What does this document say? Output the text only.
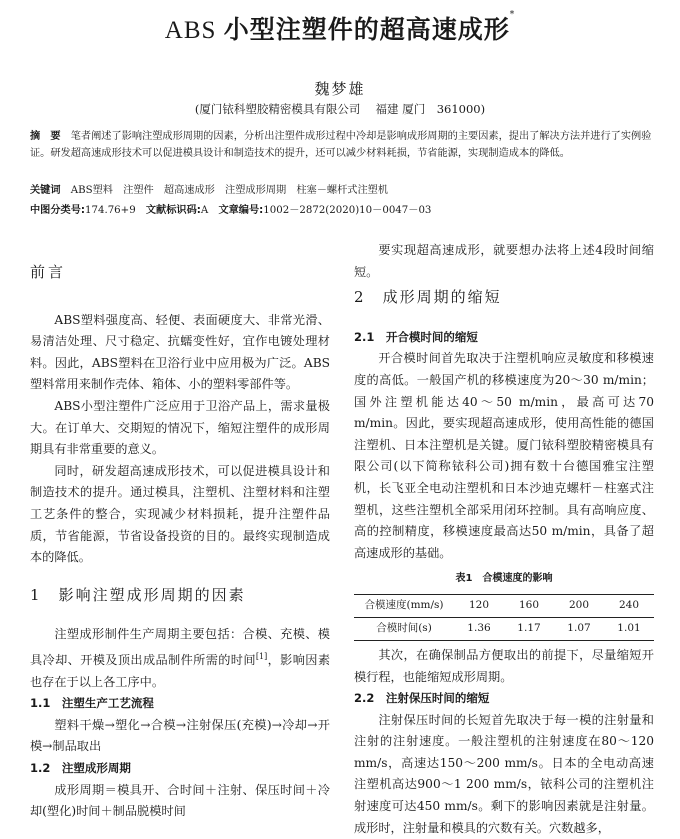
ABS 小型注塑件的超高速成形*
魏梦雄
(厦门铱科塑胶精密模具有限公司　 福建 厦门　361000)
摘　要　 笔者阐述了影响注塑成形周期的因素，分析出注塑件成形过程中冷却是影响成形周期的主要因素，提出了解决方法并进行了实例验证。研发超高速成形技术可以促进模具设计和制造技术的提升，还可以减少材料耗损，节省能源，实现制造成本的降低。
关键词　 ABS塑料　注塑件　超高速成形　注塑成形周期　柱塞－螺杆式注塑机
中图分类号:174.76+9　 文献标识码:A　 文章编号:1002－2872(2020)10－0047－03
前言

ABS塑料强度高、轻便、表面硬度大、非常光滑、易清洁处理、尺寸稳定、抗蠕变性好，宜作电镀处理材料。因此，ABS塑料在卫浴行业中应用极为广泛。ABS塑料常用来制作壳体、箱体、小的塑料零部件等。

ABS小型注塑件广泛应用于卫浴产品上，需求量极大。在订单大、交期短的情况下，缩短注塑件的成形周期具有非常重要的意义。

同时，研发超高速成形技术，可以促进模具设计和制造技术的提升。通过模具，注塑机、注塑材料和注塑工艺条件的整合，实现减少材料损耗，提升注塑件品质，节省能源，节省设备投资的目的。最终实现制造成本的降低。

1　 影响注塑成形周期的因素

注塑成形制件生产周期主要包括：合模、充模、模具冷却、开模及顶出成品制件所需的时间[1]，影响因素也存在于以上各工序中。

1.1　 注塑生产工艺流程

塑料干燥→塑化→合模→注射保压(充模)→冷却→开模→制品取出

1.2　 注塑成形周期

成形周期＝模具开、合时间＋注射、保压时间＋冷却(塑化)时间＋制品脱模时间

要实现超高速成形，就要想办法将上述4段时间缩短。

2　 成形周期的缩短
2.1　 开合模时间的缩短

开合模时间首先取决于注塑机响应灵敏度和移模速度的高低。一般国产机的移模速度为20～30 m/min；国外注塑机能达40～50 m/min，最高可达70 m/min。因此，要实现超高速成形，使用高性能的德国注塑机、日本注塑机是关键。厦门铱科塑胶精密模具有限公司(以下简称铱科公司)拥有数十台德国雅宝注塑机，长飞亚全电动注塑机和日本沙迪克螺杆－柱塞式注塑机，这些注塑机全部采用闭环控制。具有高响应度、高的控制精度，移模速度最高达50 m/min，具备了超高速成形的基础。

表1　合模速度的影响
合模速度(mm/s)	120	160	200	240
合模时间(s)	1.36	1.17	1.07	1.01

其次，在确保制品方便取出的前提下，尽量缩短开模行程，也能缩短成形周期。

2.2　 注射保压时间的缩短

注射保压时间的长短首先取决于每一模的注射量和注射的注射速度。一般注塑机的注射速度在80～120 mm/s，高速达150～200 mm/s。日本的全电动高速注塑机高达900～1 200 mm/s，铱科公司的注塑机注射速度可达450 mm/s。剩下的影响因素就是注射量。成形时，注射量和模具的穴数有关。穴数越多，
